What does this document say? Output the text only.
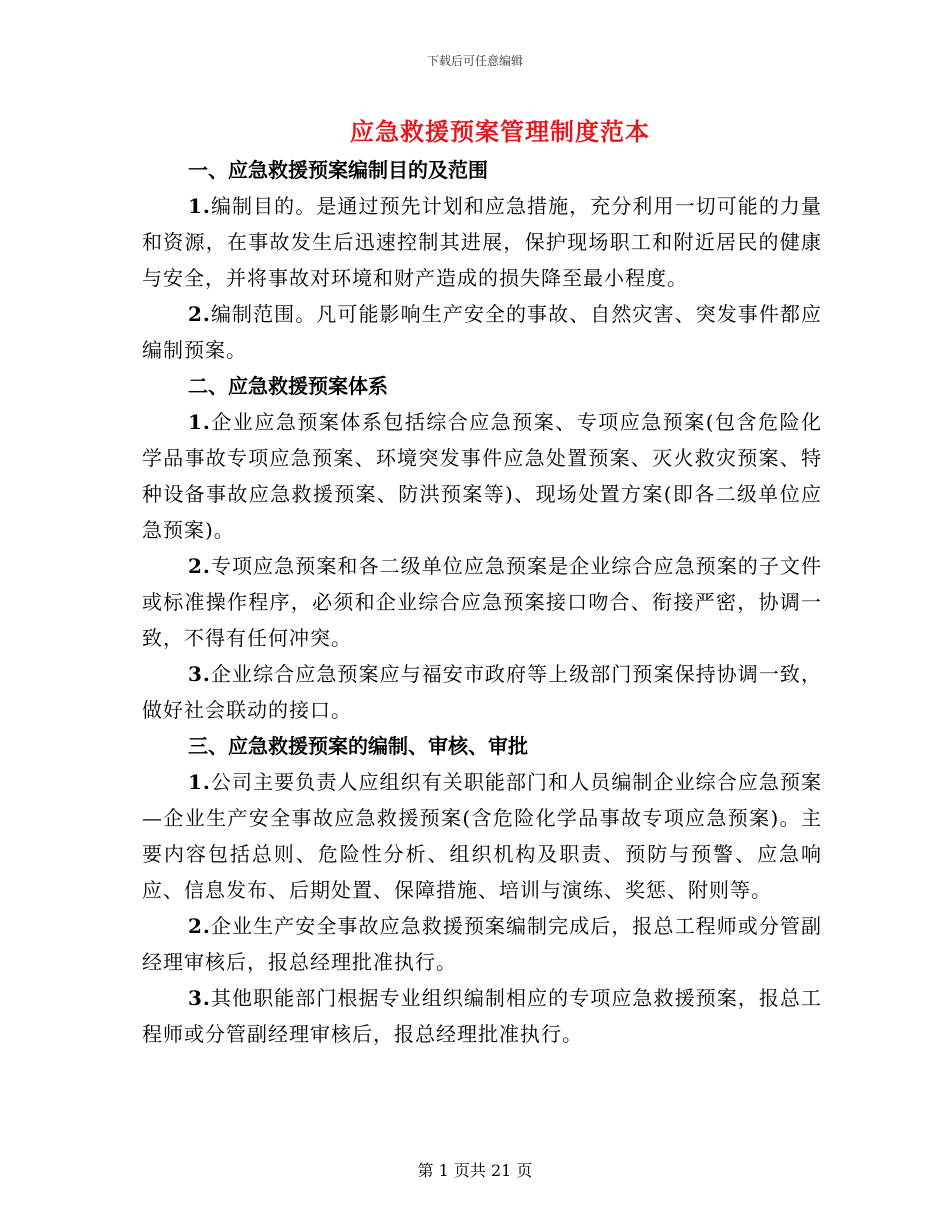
下载后可任意编辑
应急救援预案管理制度范本
一、应急救援预案编制目的及范围

1.编制目的。是通过预先计划和应急措施，充分利用一切可能的力量和资源，在事故发生后迅速控制其进展，保护现场职工和附近居民的健康与安全，并将事故对环境和财产造成的损失降至最小程度。

2.编制范围。凡可能影响生产安全的事故、自然灾害、突发事件都应编制预案。

二、应急救援预案体系

1.企业应急预案体系包括综合应急预案、专项应急预案(包含危险化学品事故专项应急预案、环境突发事件应急处置预案、灭火救灾预案、特种设备事故应急救援预案、防洪预案等)、现场处置方案(即各二级单位应急预案)。

2.专项应急预案和各二级单位应急预案是企业综合应急预案的子文件或标准操作程序，必须和企业综合应急预案接口吻合、衔接严密，协调一致，不得有任何冲突。

3.企业综合应急预案应与福安市政府等上级部门预案保持协调一致，做好社会联动的接口。

三、应急救援预案的编制、审核、审批

1.公司主要负责人应组织有关职能部门和人员编制企业综合应急预案—企业生产安全事故应急救援预案(含危险化学品事故专项应急预案)。主要内容包括总则、危险性分析、组织机构及职责、预防与预警、应急响应、信息发布、后期处置、保障措施、培训与演练、奖惩、附则等。

2.企业生产安全事故应急救援预案编制完成后，报总工程师或分管副经理审核后，报总经理批准执行。

3.其他职能部门根据专业组织编制相应的专项应急救援预案，报总工程师或分管副经理审核后，报总经理批准执行。

第 1 页共 21 页
